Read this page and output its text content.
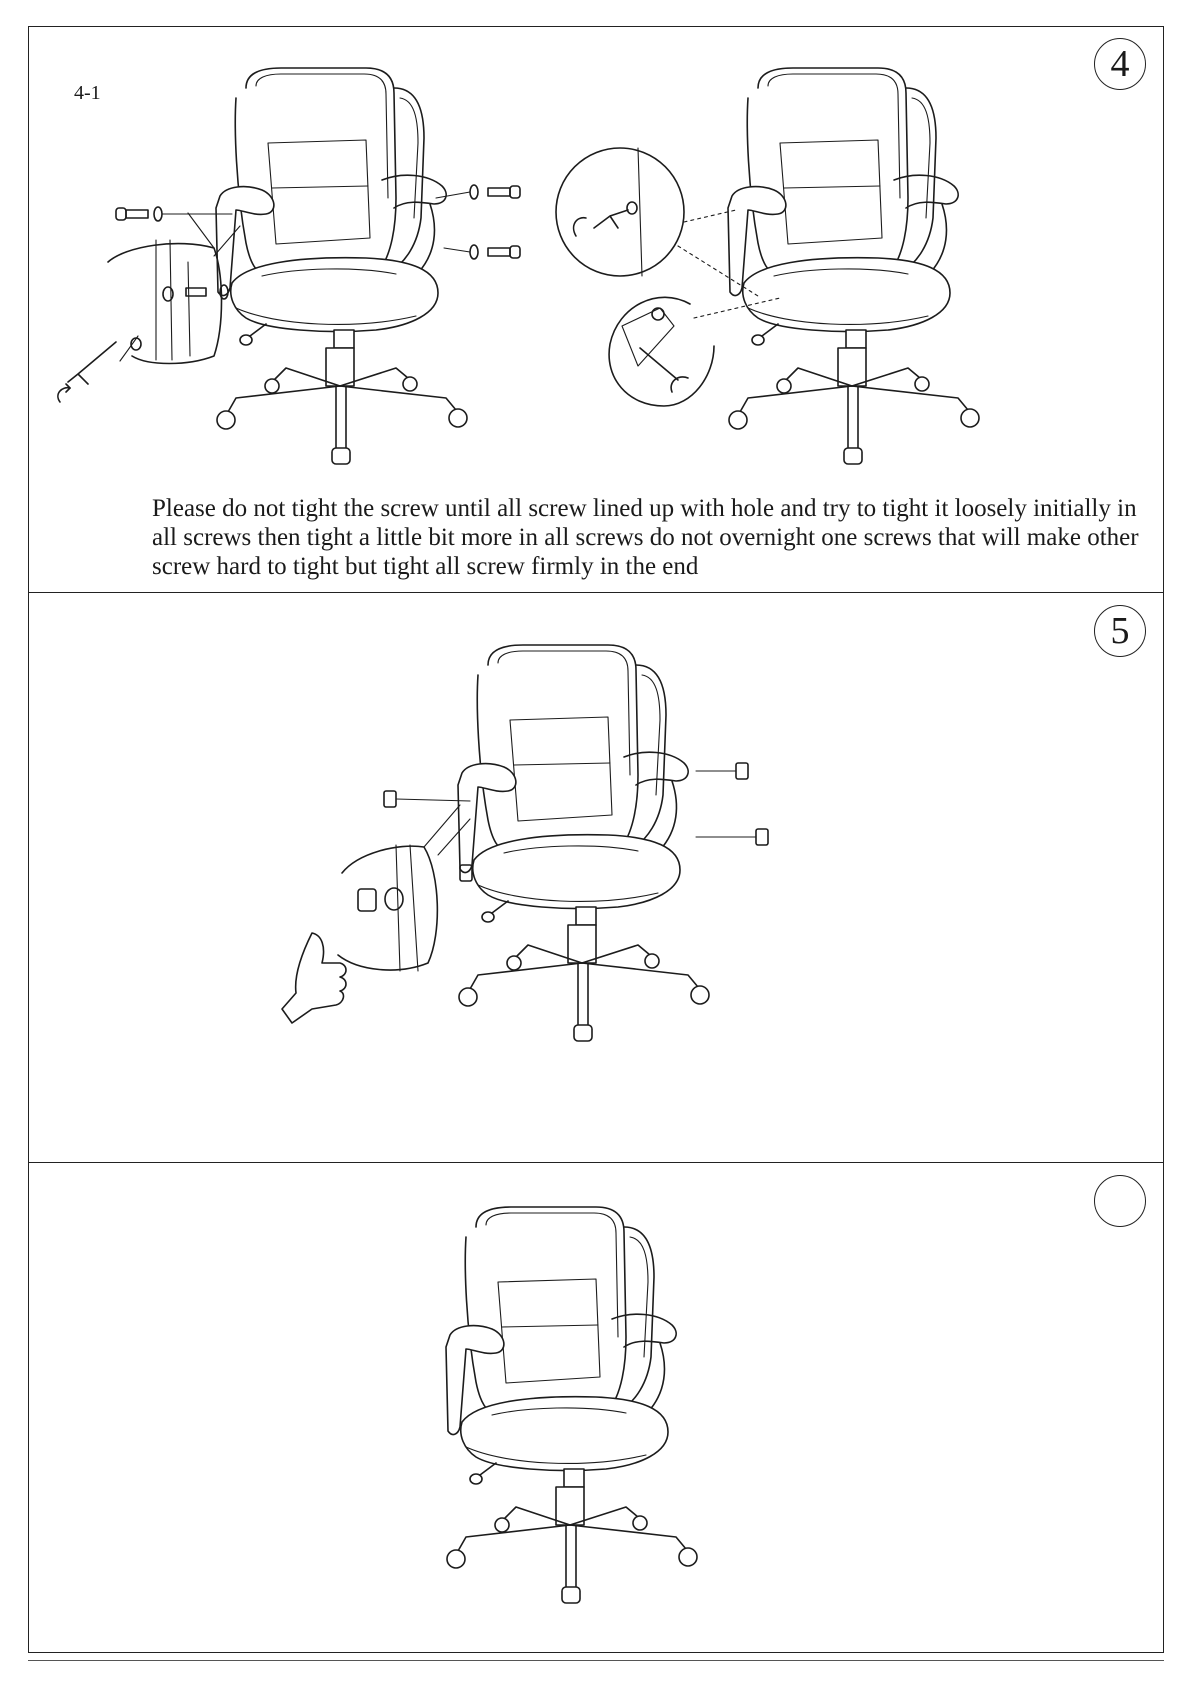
4
4-1

Please do not tight the screw until all screw lined up with hole and try to tight it loosely initially in all screws then tight a little bit more in all screws do not overnight one screws that will make other screw hard to tight but tight all screw firmly in the end

5
